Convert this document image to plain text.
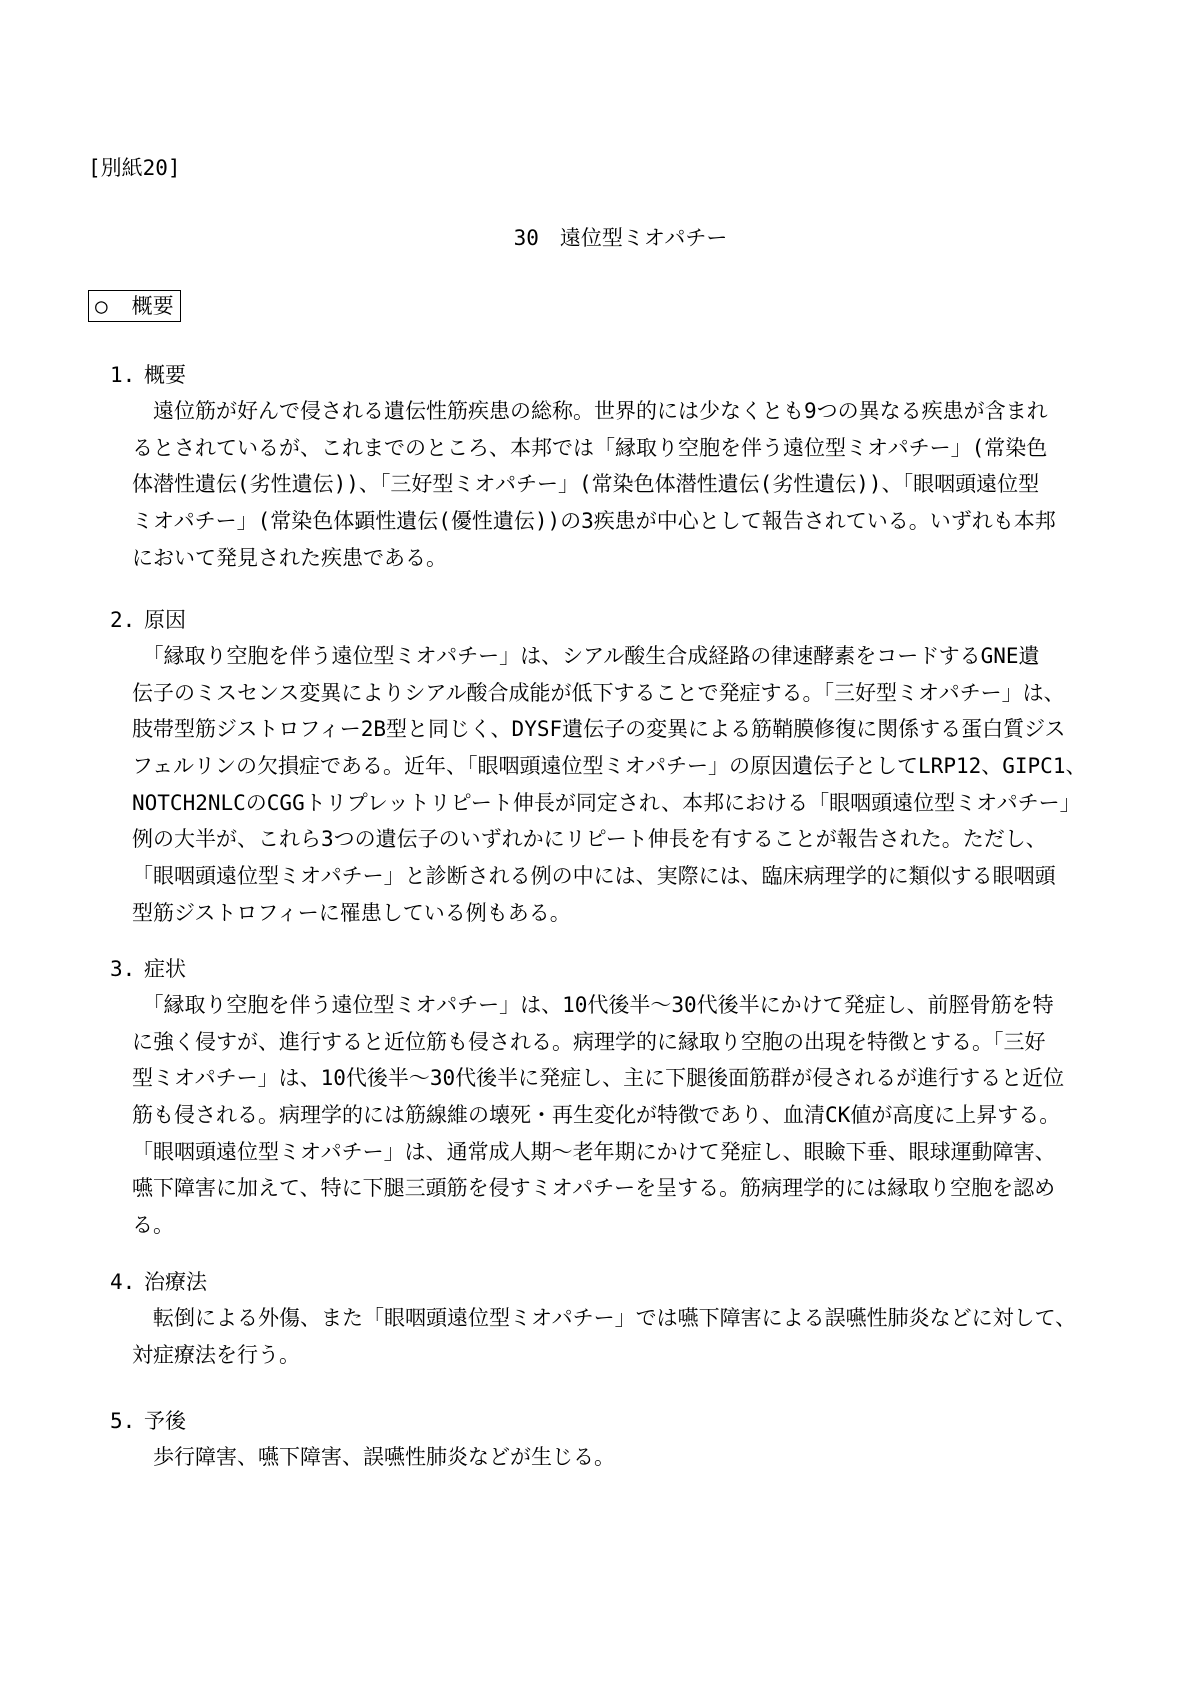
[別紙20]
30　遠位型ミオパチー
○ 概要
1. 概要
　遠位筋が好んで侵される遺伝性筋疾患の総称。世界的には少なくとも9つの異なる疾患が含まれ
るとされているが、これまでのところ、本邦では「縁取り空胞を伴う遠位型ミオパチー」(常染色
体潜性遺伝(劣性遺伝))、「三好型ミオパチー」(常染色体潜性遺伝(劣性遺伝))、「眼咽頭遠位型
ミオパチー」(常染色体顕性遺伝(優性遺伝))の3疾患が中心として報告されている。いずれも本邦
において発見された疾患である。
2. 原因
　「縁取り空胞を伴う遠位型ミオパチー」は、シアル酸生合成経路の律速酵素をコードするGNE遺
伝子のミスセンス変異によりシアル酸合成能が低下することで発症する。「三好型ミオパチー」は、
肢帯型筋ジストロフィー2B型と同じく、DYSF遺伝子の変異による筋鞘膜修復に関係する蛋白質ジス
フェルリンの欠損症である。近年、「眼咽頭遠位型ミオパチー」の原因遺伝子としてLRP12、GIPC1、
NOTCH2NLCのCGGトリプレットリピート伸長が同定され、本邦における「眼咽頭遠位型ミオパチー」
例の大半が、これら3つの遺伝子のいずれかにリピート伸長を有することが報告された。ただし、
「眼咽頭遠位型ミオパチー」と診断される例の中には、実際には、臨床病理学的に類似する眼咽頭
型筋ジストロフィーに罹患している例もある。
3. 症状
　「縁取り空胞を伴う遠位型ミオパチー」は、10代後半～30代後半にかけて発症し、前脛骨筋を特
に強く侵すが、進行すると近位筋も侵される。病理学的に縁取り空胞の出現を特徴とする。「三好
型ミオパチー」は、10代後半～30代後半に発症し、主に下腿後面筋群が侵されるが進行すると近位
筋も侵される。病理学的には筋線維の壊死・再生変化が特徴であり、血清CK値が高度に上昇する。
「眼咽頭遠位型ミオパチー」は、通常成人期～老年期にかけて発症し、眼瞼下垂、眼球運動障害、
嚥下障害に加えて、特に下腿三頭筋を侵すミオパチーを呈する。筋病理学的には縁取り空胞を認め
る。
4. 治療法
　転倒による外傷、また「眼咽頭遠位型ミオパチー」では嚥下障害による誤嚥性肺炎などに対して、
対症療法を行う。
5. 予後
　歩行障害、嚥下障害、誤嚥性肺炎などが生じる。
